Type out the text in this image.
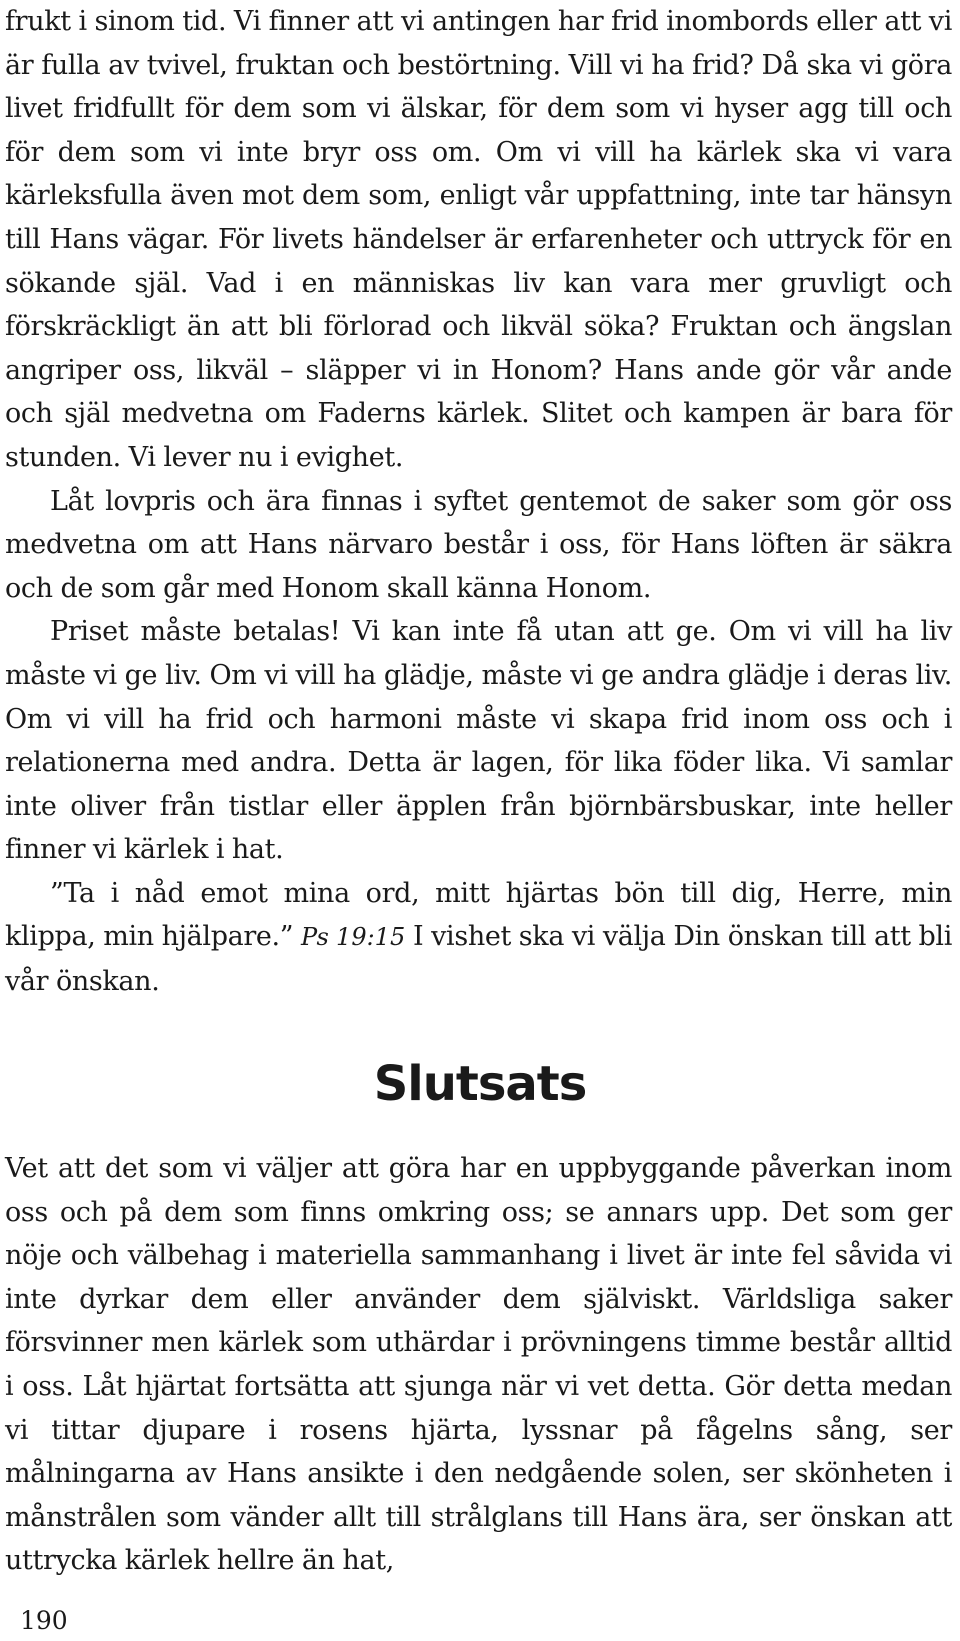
frukt i sinom tid. Vi finner att vi antingen har frid inombords eller att vi är fulla av tvivel, fruktan och bestörtning. Vill vi ha frid? Då ska vi göra livet fridfullt för dem som vi älskar, för dem som vi hyser agg till och för dem som vi inte bryr oss om. Om vi vill ha kärlek ska vi vara kärleksfulla även mot dem som, enligt vår uppfattning, inte tar hänsyn till Hans vägar. För livets händelser är erfarenheter och uttryck för en sökande själ. Vad i en människas liv kan vara mer gruvligt och förskräckligt än att bli förlorad och likväl söka? Fruktan och ängslan angriper oss, likväl – släpper vi in Honom? Hans ande gör vår ande och själ medvetna om Faderns kärlek. Slitet och kampen är bara för stunden. Vi lever nu i evighet.

Låt lovpris och ära finnas i syftet gentemot de saker som gör oss medvetna om att Hans närvaro består i oss, för Hans löften är säkra och de som går med Honom skall känna Honom.

Priset måste betalas! Vi kan inte få utan att ge. Om vi vill ha liv måste vi ge liv. Om vi vill ha glädje, måste vi ge andra glädje i deras liv. Om vi vill ha frid och harmoni måste vi skapa frid inom oss och i relationerna med andra. Detta är lagen, för lika föder lika. Vi samlar inte oliver från tistlar eller äpplen från björnbärsbuskar, inte heller finner vi kärlek i hat.

”Ta i nåd emot mina ord, mitt hjärtas bön till dig, Herre, min klippa, min hjälpare.” Ps 19:15 I vishet ska vi välja Din önskan till att bli vår önskan.

Slutsats

Vet att det som vi väljer att göra har en uppbyggande påverkan inom oss och på dem som finns omkring oss; se annars upp. Det som ger nöje och välbehag i materiella sammanhang i livet är inte fel såvida vi inte dyrkar dem eller använder dem själviskt. Världsliga saker försvinner men kärlek som uthärdar i prövningens timme består alltid i oss. Låt hjärtat fortsätta att sjunga när vi vet detta. Gör detta medan vi tittar djupare i rosens hjärta, lyssnar på fågelns sång, ser målningarna av Hans ansikte i den nedgående solen, ser skönheten i månstrålen som vänder allt till strålglans till Hans ära, ser önskan att uttrycka kärlek hellre än hat,

190
